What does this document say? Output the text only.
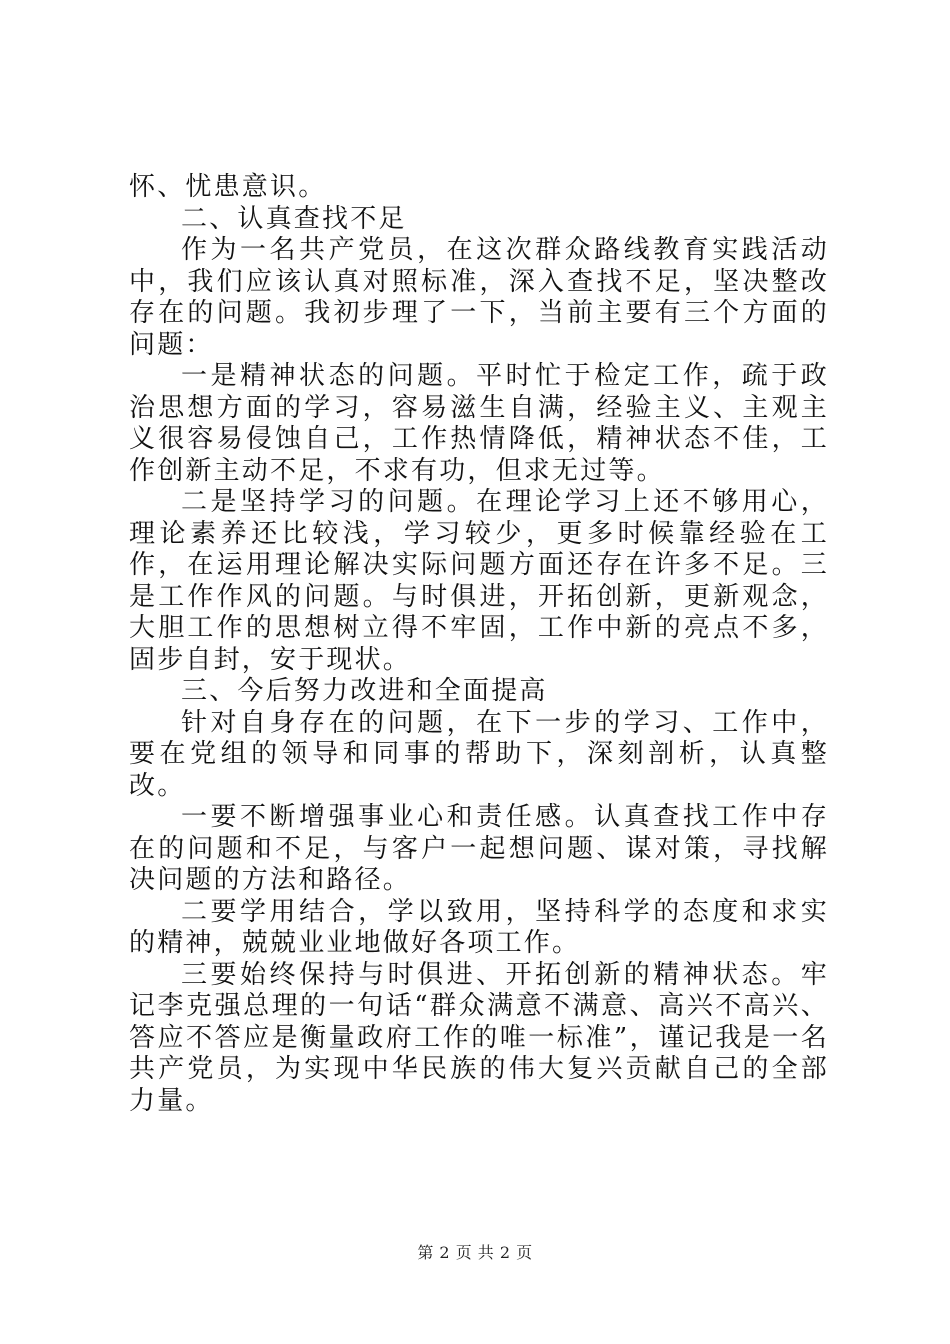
怀、忧患意识。

二、认真查找不足

作为一名共产党员，在这次群众路线教育实践活动中，我们应该认真对照标准，深入查找不足，坚决整改存在的问题。我初步理了一下，当前主要有三个方面的问题：

一是精神状态的问题。平时忙于检定工作，疏于政治思想方面的学习，容易滋生自满，经验主义、主观主义很容易侵蚀自己，工作热情降低，精神状态不佳，工作创新主动不足，不求有功，但求无过等。

二是坚持学习的问题。在理论学习上还不够用心，理论素养还比较浅，学习较少，更多时候靠经验在工作，在运用理论解决实际问题方面还存在许多不足。三是工作作风的问题。与时俱进，开拓创新，更新观念，大胆工作的思想树立得不牢固，工作中新的亮点不多，固步自封，安于现状。

三、今后努力改进和全面提高

针对自身存在的问题，在下一步的学习、工作中，要在党组的领导和同事的帮助下，深刻剖析，认真整改。

一要不断增强事业心和责任感。认真查找工作中存在的问题和不足，与客户一起想问题、谋对策，寻找解决问题的方法和路径。

二要学用结合，学以致用，坚持科学的态度和求实的精神，兢兢业业地做好各项工作。

三要始终保持与时俱进、开拓创新的精神状态。牢记李克强总理的一句话“群众满意不满意、高兴不高兴、答应不答应是衡量政府工作的唯一标准”，谨记我是一名共产党员，为实现中华民族的伟大复兴贡献自己的全部力量。

第 2 页 共 2 页
